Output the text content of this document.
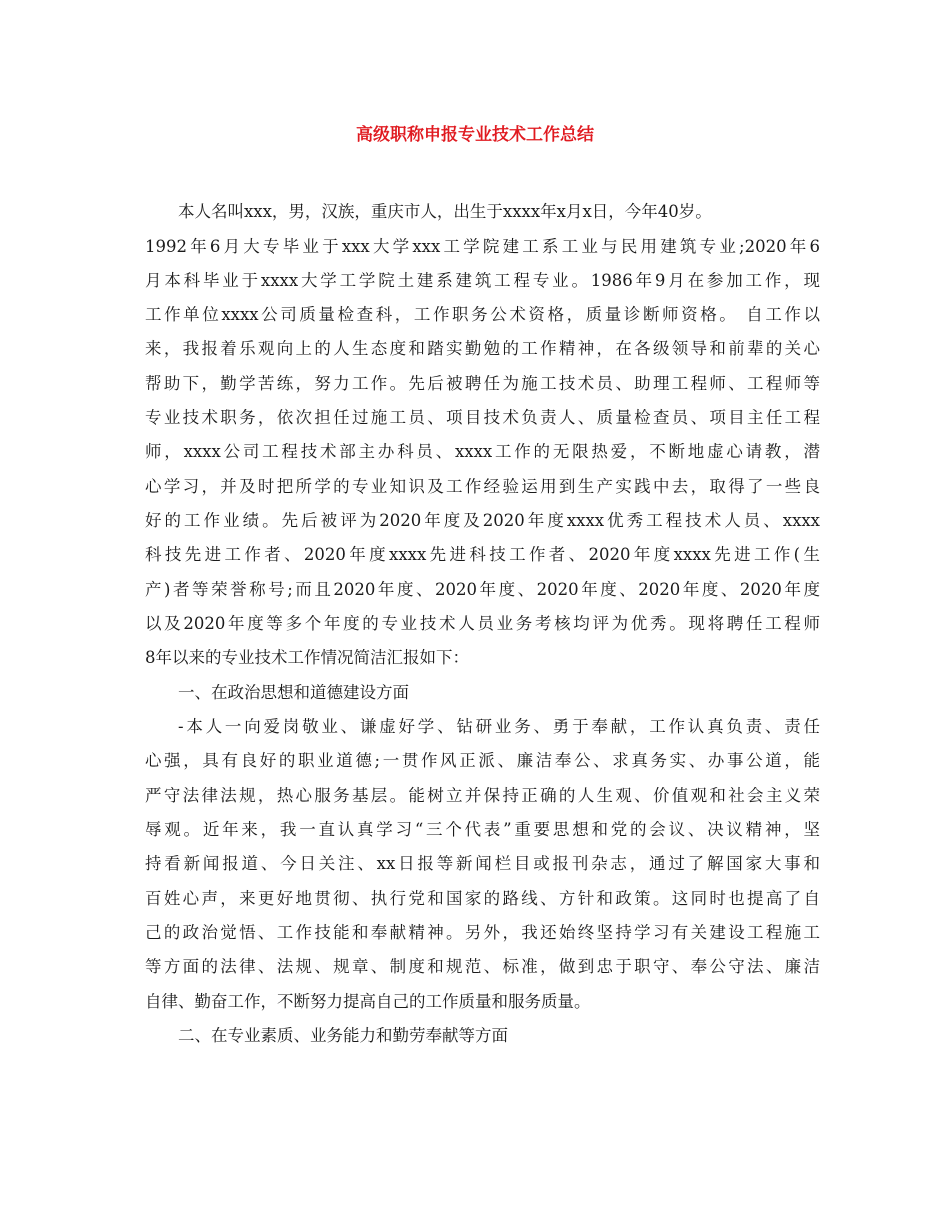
高级职称申报专业技术工作总结

本人名叫xxx，男，汉族，重庆市人，出生于xxxx年x月x日，今年40岁。

1992年6月大专毕业于xxx大学xxx工学院建工系工业与民用建筑专业;2020年6

月本科毕业于xxxx大学工学院土建系建筑工程专业。1986年9月在参加工作，现

工作单位xxxx公司质量检查科，工作职务公术资格，质量诊断师资格。 自工作以

来，我报着乐观向上的人生态度和踏实勤勉的工作精神，在各级领导和前辈的关心

帮助下，勤学苦练，努力工作。先后被聘任为施工技术员、助理工程师、工程师等

专业技术职务，依次担任过施工员、项目技术负责人、质量检查员、项目主任工程

师，xxxx公司工程技术部主办科员、xxxx工作的无限热爱，不断地虚心请教，潜

心学习，并及时把所学的专业知识及工作经验运用到生产实践中去，取得了一些良

好的工作业绩。先后被评为2020年度及2020年度xxxx优秀工程技术人员、xxxx

科技先进工作者、2020年度xxxx先进科技工作者、2020年度xxxx先进工作(生

产)者等荣誉称号;而且2020年度、2020年度、2020年度、2020年度、2020年度

以及2020年度等多个年度的专业技术人员业务考核均评为优秀。现将聘任工程师

8年以来的专业技术工作情况简洁汇报如下：

一、在政治思想和道德建设方面

-本人一向爱岗敬业、谦虚好学、钻研业务、勇于奉献，工作认真负责、责任

心强，具有良好的职业道德;一贯作风正派、廉洁奉公、求真务实、办事公道，能

严守法律法规，热心服务基层。能树立并保持正确的人生观、价值观和社会主义荣

辱观。近年来，我一直认真学习“三个代表”重要思想和党的会议、决议精神，坚

持看新闻报道、今日关注、xx日报等新闻栏目或报刊杂志，通过了解国家大事和

百姓心声，来更好地贯彻、执行党和国家的路线、方针和政策。这同时也提高了自

己的政治觉悟、工作技能和奉献精神。另外，我还始终坚持学习有关建设工程施工

等方面的法律、法规、规章、制度和规范、标准，做到忠于职守、奉公守法、廉洁

自律、勤奋工作，不断努力提高自己的工作质量和服务质量。

二、在专业素质、业务能力和勤劳奉献等方面
